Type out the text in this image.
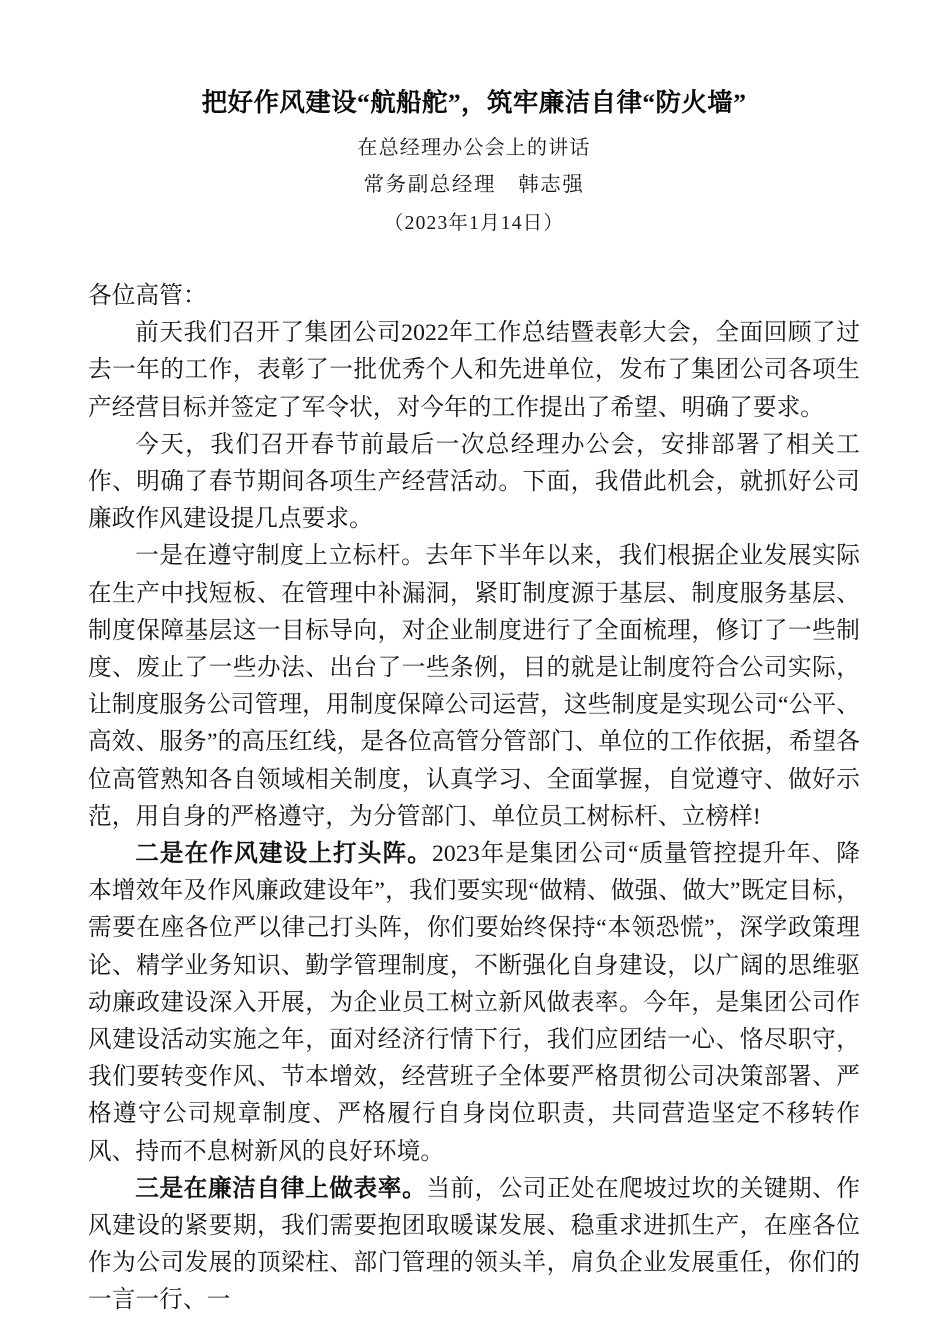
把好作风建设“航船舵”，筑牢廉洁自律“防火墙”
在总经理办公会上的讲话
常务副总经理　韩志强
（2023年1月14日）

各位高管：

前天我们召开了集团公司2022年工作总结暨表彰大会，全面回顾了过去一年的工作，表彰了一批优秀个人和先进单位，发布了集团公司各项生产经营目标并签定了军令状，对今年的工作提出了希望、明确了要求。

今天，我们召开春节前最后一次总经理办公会，安排部署了相关工作、明确了春节期间各项生产经营活动。下面，我借此机会，就抓好公司廉政作风建设提几点要求。

一是在遵守制度上立标杆。去年下半年以来，我们根据企业发展实际在生产中找短板、在管理中补漏洞，紧盯制度源于基层、制度服务基层、制度保障基层这一目标导向，对企业制度进行了全面梳理，修订了一些制度、废止了一些办法、出台了一些条例，目的就是让制度符合公司实际，让制度服务公司管理，用制度保障公司运营，这些制度是实现公司“公平、高效、服务”的高压红线，是各位高管分管部门、单位的工作依据，希望各位高管熟知各自领域相关制度，认真学习、全面掌握，自觉遵守、做好示范，用自身的严格遵守，为分管部门、单位员工树标杆、立榜样!

二是在作风建设上打头阵。2023年是集团公司“质量管控提升年、降本增效年及作风廉政建设年”，我们要实现“做精、做强、做大”既定目标，需要在座各位严以律己打头阵，你们要始终保持“本领恐慌”，深学政策理论、精学业务知识、勤学管理制度，不断强化自身建设，以广阔的思维驱动廉政建设深入开展，为企业员工树立新风做表率。今年，是集团公司作风建设活动实施之年，面对经济行情下行，我们应团结一心、恪尽职守，我们要转变作风、节本增效，经营班子全体要严格贯彻公司决策部署、严格遵守公司规章制度、严格履行自身岗位职责，共同营造坚定不移转作风、持而不息树新风的良好环境。

三是在廉洁自律上做表率。当前，公司正处在爬坡过坎的关键期、作风建设的紧要期，我们需要抱团取暖谋发展、稳重求进抓生产，在座各位作为公司发展的顶梁柱、部门管理的领头羊，肩负企业发展重任，你们的一言一行、一
